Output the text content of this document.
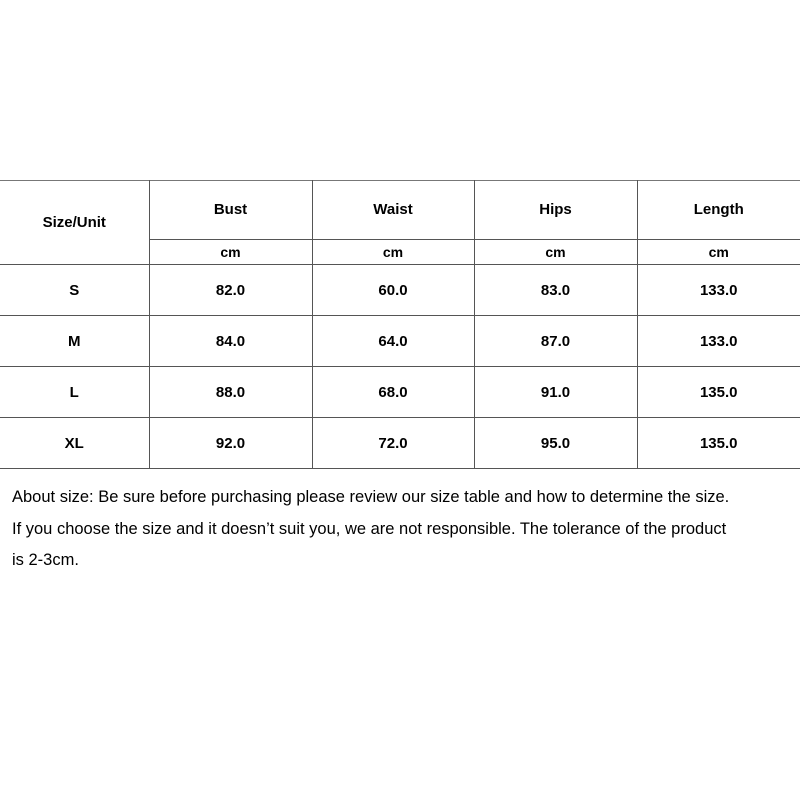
Size/Unit	Bust	Waist	Hips	Length
	cm	cm	cm	cm
S	82.0	60.0	83.0	133.0
M	84.0	64.0	87.0	133.0
L	88.0	68.0	91.0	135.0
XL	92.0	72.0	95.0	135.0

About size: Be sure before purchasing please review our size table and how to determine the size.
If you choose the size and it doesn’t suit you, we are not responsible. The tolerance of the product
is 2-3cm.
